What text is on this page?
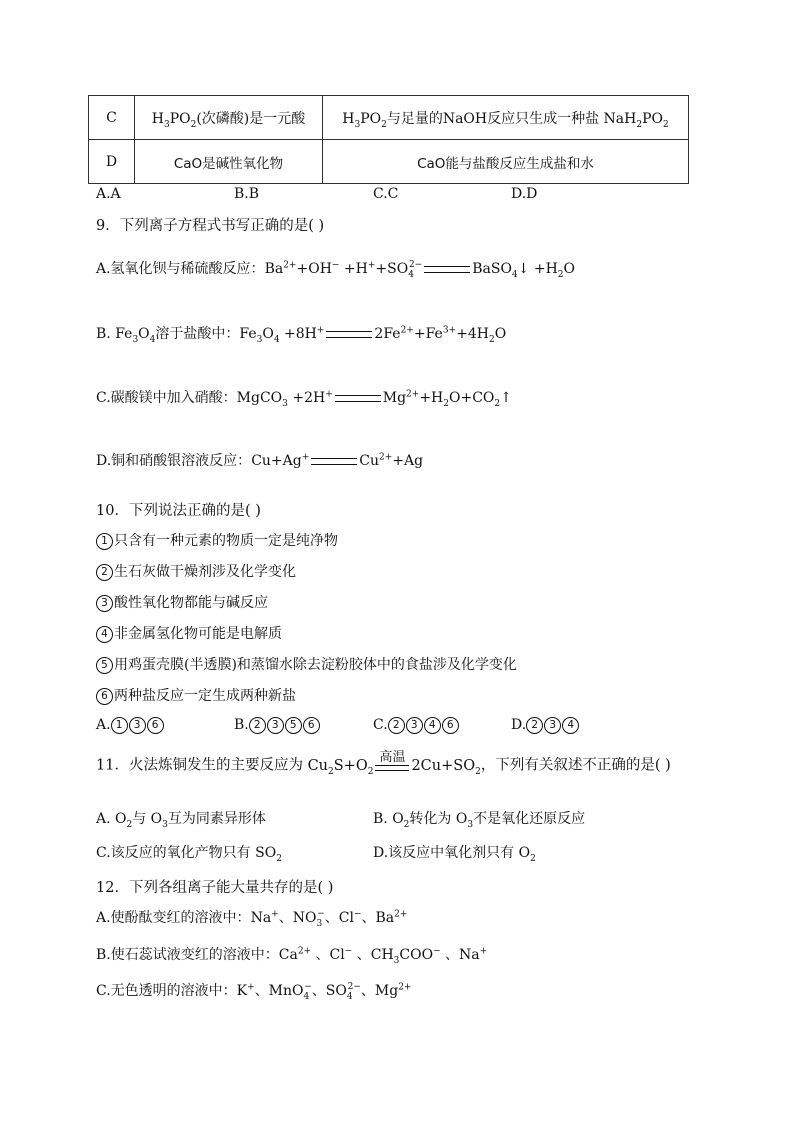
C	$H_3PO_2$(次磷酸)是一元酸	$H_3PO_2$与足量的NaOH反应只生成一种盐 $NaH_2PO_2$
D	CaO是碱性氧化物	CaO能与盐酸反应生成盐和水
A.A	B.B	C.C	D.D
9．下列离子方程式书写正确的是( )
A.氢氧化钡与稀硫酸反应：$Ba^{2+}+OH^- +H^++SO_4^{2-}$	BaSO$_4$↓ $+H_2O$
B. $Fe_3O_4$溶于盐酸中：$Fe_3O_4 +8H^+$	$2Fe^{2+}+Fe^{3+}+4H_2O$
C.碳酸镁中加入硝酸：MgCO$_3$ +2H+	$Mg^{2+}+H_2O+CO_2↑$
D.铜和硝酸银溶液反应：Cu+Ag+	$Cu^{2+}+Ag$
10．下列说法正确的是( )
1 只含有一种元素的物质一定是纯净物
2 生石灰做干燥剂涉及化学变化
3 酸性氧化物都能与碱反应
4 非金属氢化物可能是电解质
5 用鸡蛋壳膜(半透膜)和蒸馏水除去淀粉胶体中的食盐涉及化学变化
6 两种盐反应一定生成两种新盐
A. 1 3 6	B. 2 3 5 6	C. 2 3 4 6	D. 2 3 4
11．火法炼铜发生的主要反应为 $Cu_2S+O_2$
高温 $2Cu+SO_2$，下列有关叙述不正确的是( )
A. $O_2$与 $O_3$互为同素异形体	B. $O_2$转化为 $O_3$不是氧化还原反应
C.该反应的氧化产物只有 $SO_2$	D.该反应中氧化剂只有 $O_2$
12．下列各组离子能大量共存的是( )
A.使酚酞变红的溶液中：Na+、$NO_3^-$、Cl−、$Ba^{2+}$
B.使石蕊试液变红的溶液中：$Ca^{2+}$ 、Cl− 、$CH_3COO^-$ 、Na+
C.无色透明的溶液中：K+、MnO$_4$−、$SO_4^{2-}$、$Mg^{2+}$
